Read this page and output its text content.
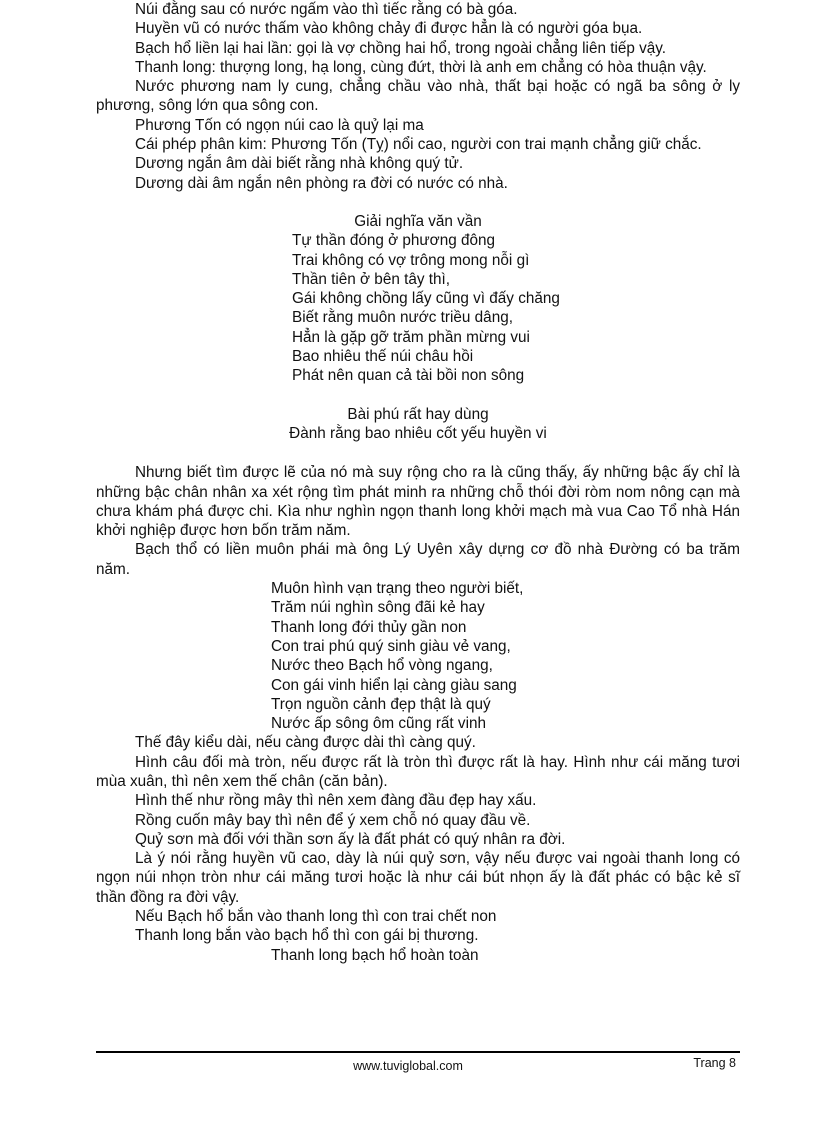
Núi đằng sau có nước ngấm vào thì tiếc rằng có bà góa.

Huyền vũ có nước thấm vào không chảy đi được hẳn là có người góa bụa.

Bạch hổ liền lại hai lần: gọi là vợ chồng hai hổ, trong ngoài chẳng liên tiếp vậy.

Thanh long: thượng long, hạ long, cùng đứt, thời là anh em chẳng có hòa thuận vậy.

Nước phương nam ly cung, chẳng chầu vào nhà, thất bại hoặc có ngã ba sông ở ly phương, sông lớn qua sông con.

Phương Tốn có ngọn núi cao là quỷ lại ma

Cái phép phân kim: Phương Tốn (Tỵ) nổi cao, người con trai mạnh chẳng giữ chắc.

Dương ngắn âm dài biết rằng nhà không quý tử.

Dương dài âm ngắn nên phòng ra đời có nước có nhà.

Giải nghĩa văn vần
Tự thần đóng ở phương đông
Trai không có vợ trông mong nỗi gì
Thần tiên ở bên tây thì,
Gái không chồng lấy cũng vì đấy chăng
Biết rằng muôn nước triều dâng,
Hẳn là gặp gỡ trăm phần mừng vui
Bao nhiêu thế núi châu hồi
Phát nên quan cả tài bồi non sông
Bài phú rất hay dùng
Đành rằng bao nhiêu cốt yếu huyền vi

Nhưng biết tìm được lẽ của nó mà suy rộng cho ra là cũng thấy, ấy những bậc ấy chỉ là những bậc chân nhân xa xét rộng tìm phát minh ra những chỗ thói đời ròm nom nông cạn mà chưa khám phá được chi. Kìa như nghìn ngọn thanh long khởi mạch mà vua Cao Tổ nhà Hán khởi nghiệp được hơn bốn trăm năm.

Bạch thổ có liền muôn phái mà ông Lý Uyên xây dựng cơ đồ nhà Đường có ba trăm năm.

Muôn hình vạn trạng theo người biết,
Trăm núi nghìn sông đãi kẻ hay
Thanh long đới thủy gần non
Con trai phú quý sinh giàu vẻ vang,
Nước theo Bạch hổ vòng ngang,
Con gái vinh hiển lại càng giàu sang
Trọn nguồn cảnh đẹp thật là quý
Nước ấp sông ôm cũng rất vinh

Thế đây kiểu dài, nếu càng được dài thì càng quý.

Hình câu đối mà tròn, nếu được rất là tròn thì được rất là hay. Hình như cái măng tươi mùa xuân, thì nên xem thế chân (căn bản).

Hình thế như rồng mây thì nên xem đàng đầu đẹp hay xấu.

Rồng cuốn mây bay thì nên để ý xem chỗ nó quay đầu về.

Quỷ sơn mà đối với thần sơn ấy là đất phát có quý nhân ra đời.

Là ý nói rằng huyền vũ cao, dày là núi quỷ sơn, vậy nếu được vai ngoài thanh long có ngọn núi nhọn tròn như cái măng tươi hoặc là như cái bút nhọn ấy là đất phác có bậc kẻ sĩ thần đồng ra đời vậy.

Nếu Bạch hổ bắn vào thanh long thì con trai chết non

Thanh long bắn vào bạch hổ thì con gái bị thương.

Thanh long bạch hổ hoàn toàn
www.tuviglobal.com	Trang 8
